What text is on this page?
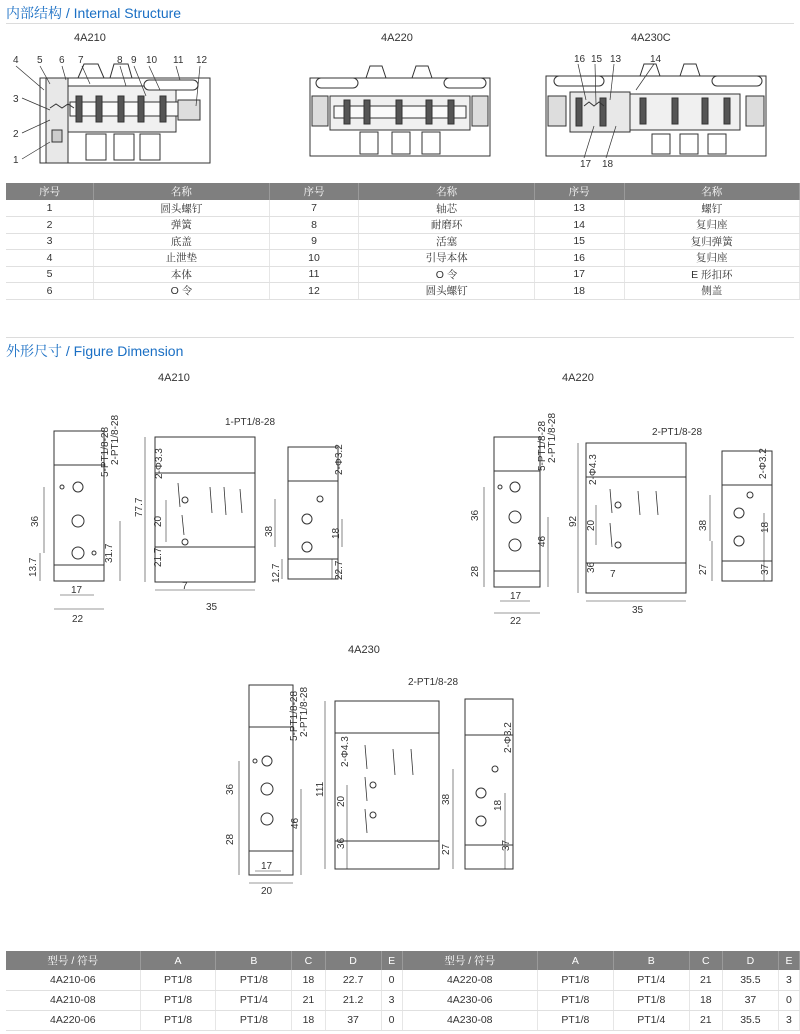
内部结构 / Internal Structure
4A210	4A220	4A230C
4 5 6 7	8 9 10 11 12
3
2
1
16 15 13	14
17 18
序号	名称	序号	名称	序号	名称
1	圆头螺钉	7	轴芯	13	螺钉
2	弹簧	8	耐磨环	14	复归座
3	底盖	9	活塞	15	复归弹簧
4	止泄垫	10	引导本体	16	复归座
5	本体	11	O 令	17	E 形扣环
6	O 令	12	圆头螺钉	18	侧盖
外形尺寸 / Figure Dimension
4A210	4A220
4A230
5-PT1/8-28 2-PT1/8-28	1-PT1/8-28
2-Φ3.3	2-Φ3.2
36
13.7
31.7
17
22
77.7
20
21.7
7
35
38	18
12.7	22.7
5-PT1/8-28 2-PT1/8-28	2-PT1/8-28
2-Φ4.3	2-Φ3.2
36
28
46
17
22
92 20
36
7
35
38	18
27	37
5-PT1/8-28 2-PT1/8-28
2-PT1/8-28
2-Φ4.3	2-Φ3.2
36
28
46
17
20
111
20
36
38
18
27	37
型号 / 符号	A	B	C	D	E	型号 / 符号	A	B	C	D	E
4A210-06	PT1/8	PT1/8	18	22.7	0	4A220-08	PT1/8	PT1/4	21	35.5	3
4A210-08	PT1/8	PT1/4	21	21.2	3	4A230-06	PT1/8	PT1/8	18	37	0
4A220-06	PT1/8	PT1/8	18	37	0	4A230-08	PT1/8	PT1/4	21	35.5	3
